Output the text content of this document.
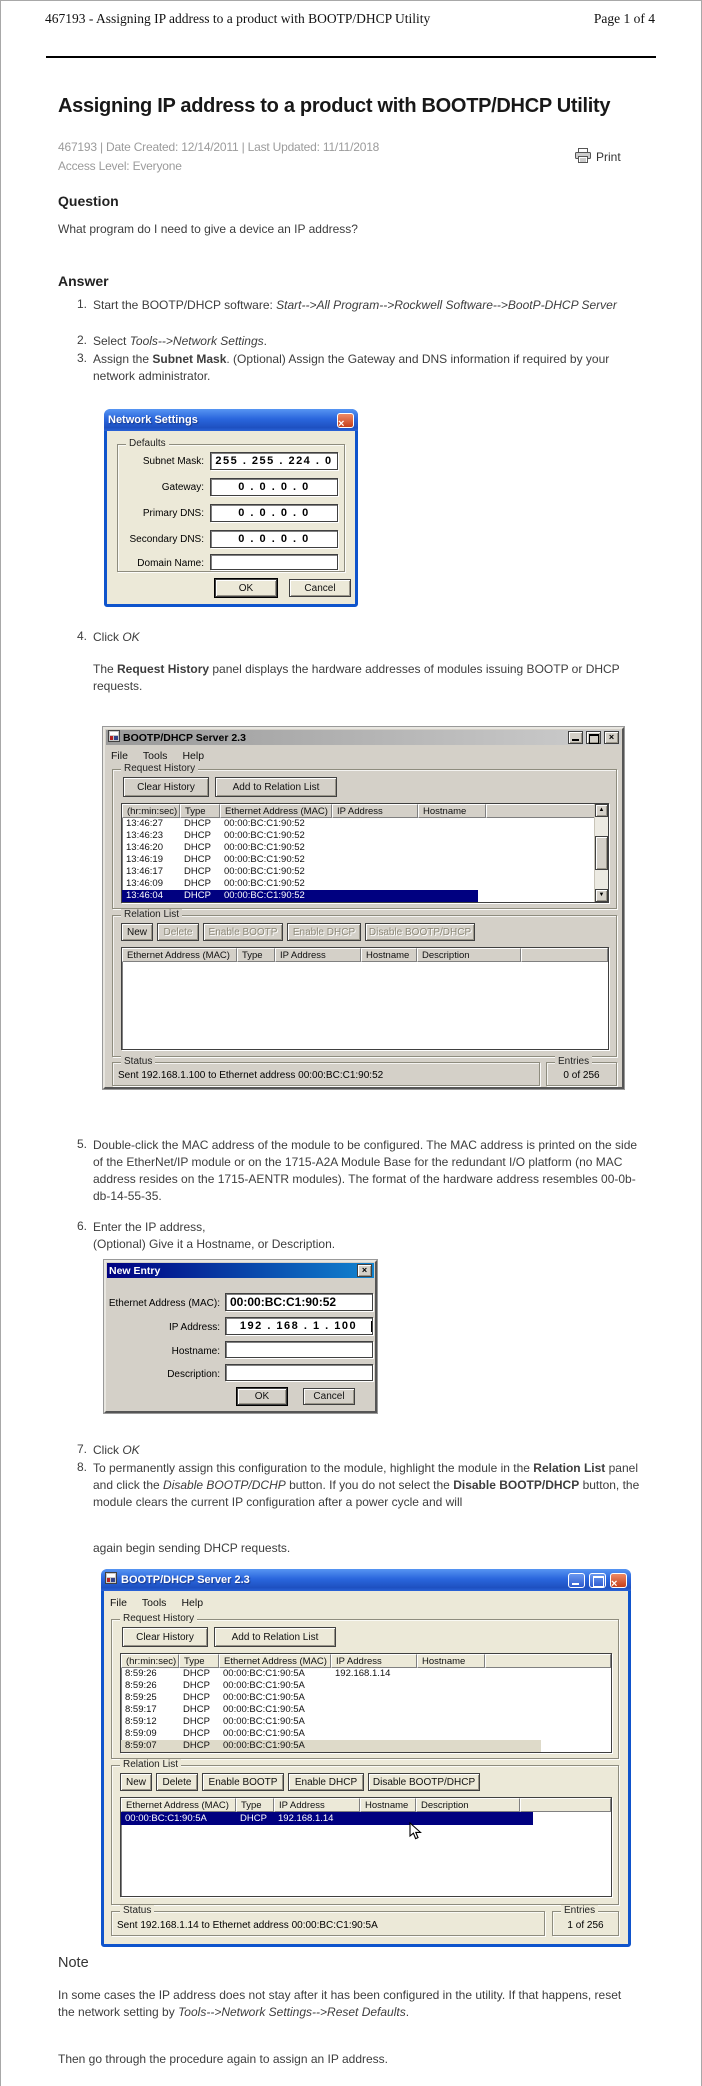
467193 - Assigning IP address to a product with BOOTP/DHCP Utility	Page 1 of 4
Assigning IP address to a product with BOOTP/DHCP Utility
467193 | Date Created: 12/14/2011 | Last Updated: 11/11/2018
Access Level: Everyone
Print
Question
What program do I need to give a device an IP address?
Answer
1. Start the BOOTP/DHCP software: Start-->All Program-->Rockwell Software-->BootP-DHCP Server
2. Select Tools-->Network Settings.
3. Assign the Subnet Mask. (Optional) Assign the Gateway and DNS information if required by your network administrator.
Network Settings	×
Defaults
Subnet Mask:	255 . 255 . 224 . 0
Gateway:	0 . 0 . 0 . 0
Primary DNS:	0 . 0 . 0 . 0
Secondary DNS:	0 . 0 . 0 . 0
Domain Name:
OK	Cancel
4. Click OK
The Request History panel displays the hardware addresses of modules issuing BOOTP or DHCP requests.
BOOTP/DHCP Server 2.3	×
File Tools Help
Request History
Clear History	Add to Relation List
(hr:min:sec) Type	Ethernet Address (MAC) IP Address	Hostname
13:46:27	DHCP	00:00:BC:C1:90:52
13:46:23	DHCP	00:00:BC:C1:90:52
13:46:20	DHCP	00:00:BC:C1:90:52
13:46:19	DHCP	00:00:BC:C1:90:52
13:46:17	DHCP	00:00:BC:C1:90:52
13:46:09	DHCP	00:00:BC:C1:90:52
13:46:04	DHCP	00:00:BC:C1:90:52
▲
▼
Relation List
New	Delete	Enable BOOTP	Enable DHCP	Disable BOOTP/DHCP
Ethernet Address (MAC)	Type	IP Address	Hostname	Description
Status
Sent 192.168.1.100 to Ethernet address 00:00:BC:C1:90:52
Entries
0 of 256
5. Double-click the MAC address of the module to be configured. The MAC address is printed on the side of the EtherNet/IP module or on the 1715-A2A Module Base for the redundant I/O platform (no MAC address resides on the 1715-AENTR modules). The format of the hardware address resembles 00-0b-db-14-55-35.
6. Enter the IP address,
(Optional) Give it a Hostname, or Description.
New Entry	×
Ethernet Address (MAC): 00:00:BC:C1:90:52
IP Address:	192 . 168 . 1 . 100
Hostname:
Description:
OK	Cancel
7. Click OK
8. To permanently assign this configuration to the module, highlight the module in the Relation List panel and click the Disable BOOTP/DCHP button. If you do not select the Disable BOOTP/DHCP button, the module clears the current IP configuration after a power cycle and will
again begin sending DHCP requests.
BOOTP/DHCP Server 2.3	×
File Tools Help
Request History
Clear History	Add to Relation List
(hr:min:sec) Type	Ethernet Address (MAC) IP Address	Hostname
8:59:26	DHCP	00:00:BC:C1:90:5A	192.168.1.14
8:59:26	DHCP	00:00:BC:C1:90:5A
8:59:25	DHCP	00:00:BC:C1:90:5A
8:59:17	DHCP	00:00:BC:C1:90:5A
8:59:12	DHCP	00:00:BC:C1:90:5A
8:59:09	DHCP	00:00:BC:C1:90:5A
8:59:07	DHCP	00:00:BC:C1:90:5A
Relation List
New	Delete	Enable BOOTP	Enable DHCP	Disable BOOTP/DHCP
Ethernet Address (MAC)	Type	IP Address	Hostname	Description
00:00:BC:C1:90:5A	DHCP	192.168.1.14
Status
Sent 192.168.1.14 to Ethernet address 00:00:BC:C1:90:5A
Entries
1 of 256
Note
In some cases the IP address does not stay after it has been configured in the utility. If that happens, reset the network setting by Tools-->Network Settings-->Reset Defaults.
Then go through the procedure again to assign an IP address.
